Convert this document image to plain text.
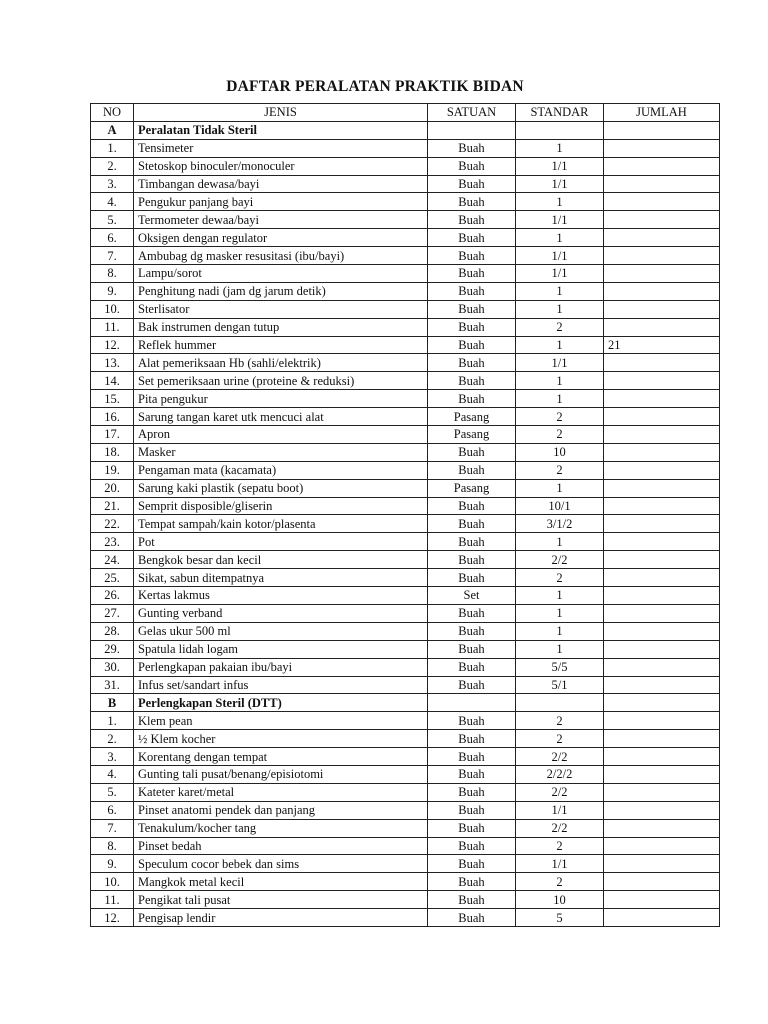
DAFTAR PERALATAN PRAKTIK BIDAN
NO	JENIS	SATUAN	STANDAR	JUMLAH
A	Peralatan Tidak Steril			
1.	Tensimeter	Buah	1	
2.	Stetoskop binoculer/monoculer	Buah	1/1	
3.	Timbangan dewasa/bayi	Buah	1/1	
4.	Pengukur panjang bayi	Buah	1	
5.	Termometer dewaa/bayi	Buah	1/1	
6.	Oksigen dengan regulator	Buah	1	
7.	Ambubag dg masker resusitasi (ibu/bayi)	Buah	1/1	
8.	Lampu/sorot	Buah	1/1	
9.	Penghitung nadi (jam dg jarum detik)	Buah	1	
10.	Sterlisator	Buah	1	
11.	Bak instrumen dengan tutup	Buah	2	
12.	Reflek hummer	Buah	1	21
13.	Alat pemeriksaan Hb (sahli/elektrik)	Buah	1/1	
14.	Set pemeriksaan urine (proteine & reduksi)	Buah	1	
15.	Pita pengukur	Buah	1	
16.	Sarung tangan karet utk mencuci alat	Pasang	2	
17.	Apron	Pasang	2	
18.	Masker	Buah	10	
19.	Pengaman mata (kacamata)	Buah	2	
20.	Sarung kaki plastik (sepatu boot)	Pasang	1	
21.	Semprit disposible/gliserin	Buah	10/1	
22.	Tempat sampah/kain kotor/plasenta	Buah	3/1/2	
23.	Pot	Buah	1	
24.	Bengkok besar dan kecil	Buah	2/2	
25.	Sikat, sabun ditempatnya	Buah	2	
26.	Kertas lakmus	Set	1	
27.	Gunting verband	Buah	1	
28.	Gelas ukur 500 ml	Buah	1	
29.	Spatula lidah logam	Buah	1	
30.	Perlengkapan pakaian ibu/bayi	Buah	5/5	
31.	Infus set/sandart infus	Buah	5/1	
B	Perlengkapan Steril (DTT)			
1.	Klem pean	Buah	2	
2.	½ Klem kocher	Buah	2	
3.	Korentang dengan tempat	Buah	2/2	
4.	Gunting tali pusat/benang/episiotomi	Buah	2/2/2	
5.	Kateter karet/metal	Buah	2/2	
6.	Pinset anatomi pendek dan panjang	Buah	1/1	
7.	Tenakulum/kocher tang	Buah	2/2	
8.	Pinset bedah	Buah	2	
9.	Speculum cocor bebek dan sims	Buah	1/1	
10.	Mangkok metal kecil	Buah	2	
11.	Pengikat tali pusat	Buah	10	
12.	Pengisap lendir	Buah	5	
